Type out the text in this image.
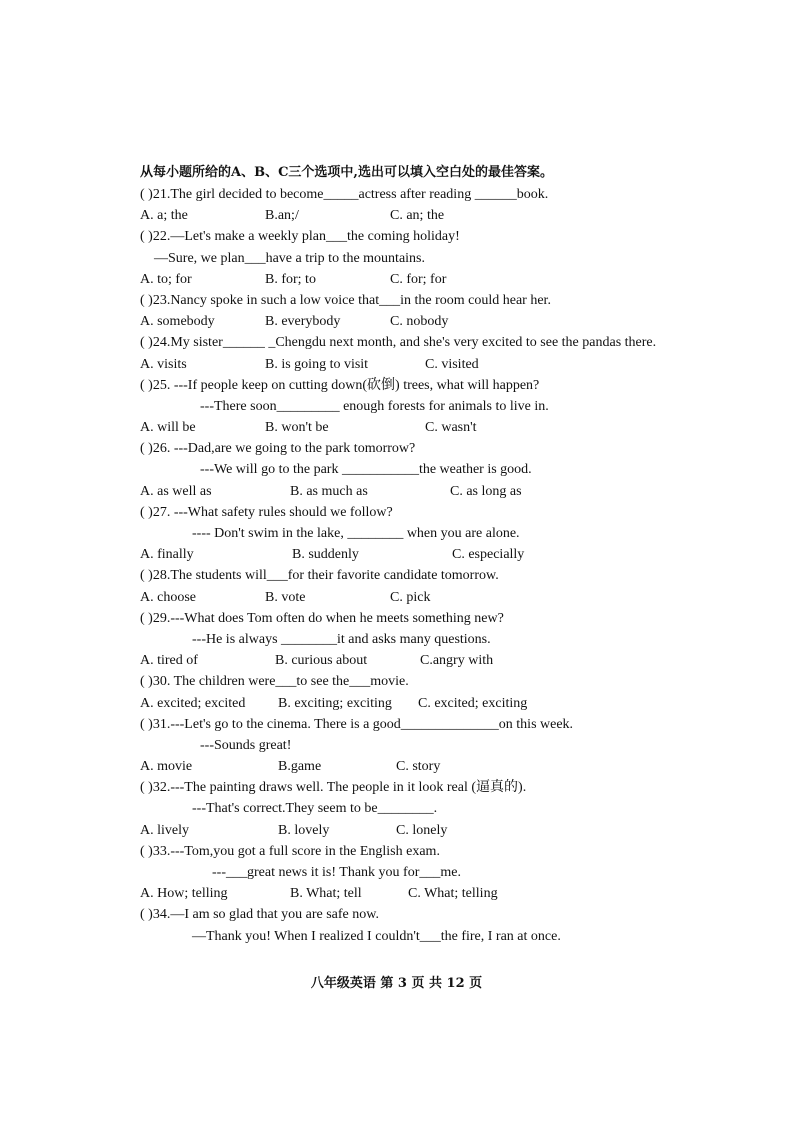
从每小题所给的A、B、C三个选项中,选出可以填入空白处的最佳答案。
( )21.The girl decided to become_____actress after reading ______book.
A. a; the	B.an;/	C. an; the
( )22.—Let's make a weekly plan___the coming holiday!
—Sure, we plan___have a trip to the mountains.
A. to; for	B. for; to	C. for; for
( )23.Nancy spoke in such a low voice that___in the room could hear her.
A. somebody	B. everybody	C. nobody
( )24.My sister______ _Chengdu next month, and she's very excited to see the pandas there.
A. visits	B. is going to visit	C. visited
( )25. ---If people keep on cutting down(砍倒) trees, what will happen?
---There soon_________ enough forests for animals to live in.
A. will be	B. won't be	C. wasn't
( )26. ---Dad,are we going to the park tomorrow?
---We will go to the park ___________the weather is good.
A. as well as	B. as much as	C. as long as
( )27. ---What safety rules should we follow?
---- Don't swim in the lake, ________ when you are alone.
A. finally	B. suddenly	C. especially
( )28.The students will___for their favorite candidate tomorrow.
A. choose	B. vote	C. pick
( )29.---What does Tom often do when he meets something new?
---He is always ________it and asks many questions.
A. tired of	B. curious about	C.angry with
( )30. The children were___to see the___movie.
A. excited; excited B. exciting; exciting C. excited; exciting
( )31.---Let's go to the cinema. There is a good______________on this week.
---Sounds great!
A. movie	B.game	C. story
( )32.---The painting draws well. The people in it look real (逼真的).
---That's correct.They seem to be________.
A. lively	B. lovely	C. lonely
( )33.---Tom,you got a full score in the English exam.
---___great news it is! Thank you for___me.
A. How; telling	B. What; tell	C. What; telling
( )34.—I am so glad that you are safe now.
—Thank you! When I realized I couldn't___the fire, I ran at once.
八年级英语 第 3 页 共 12 页
